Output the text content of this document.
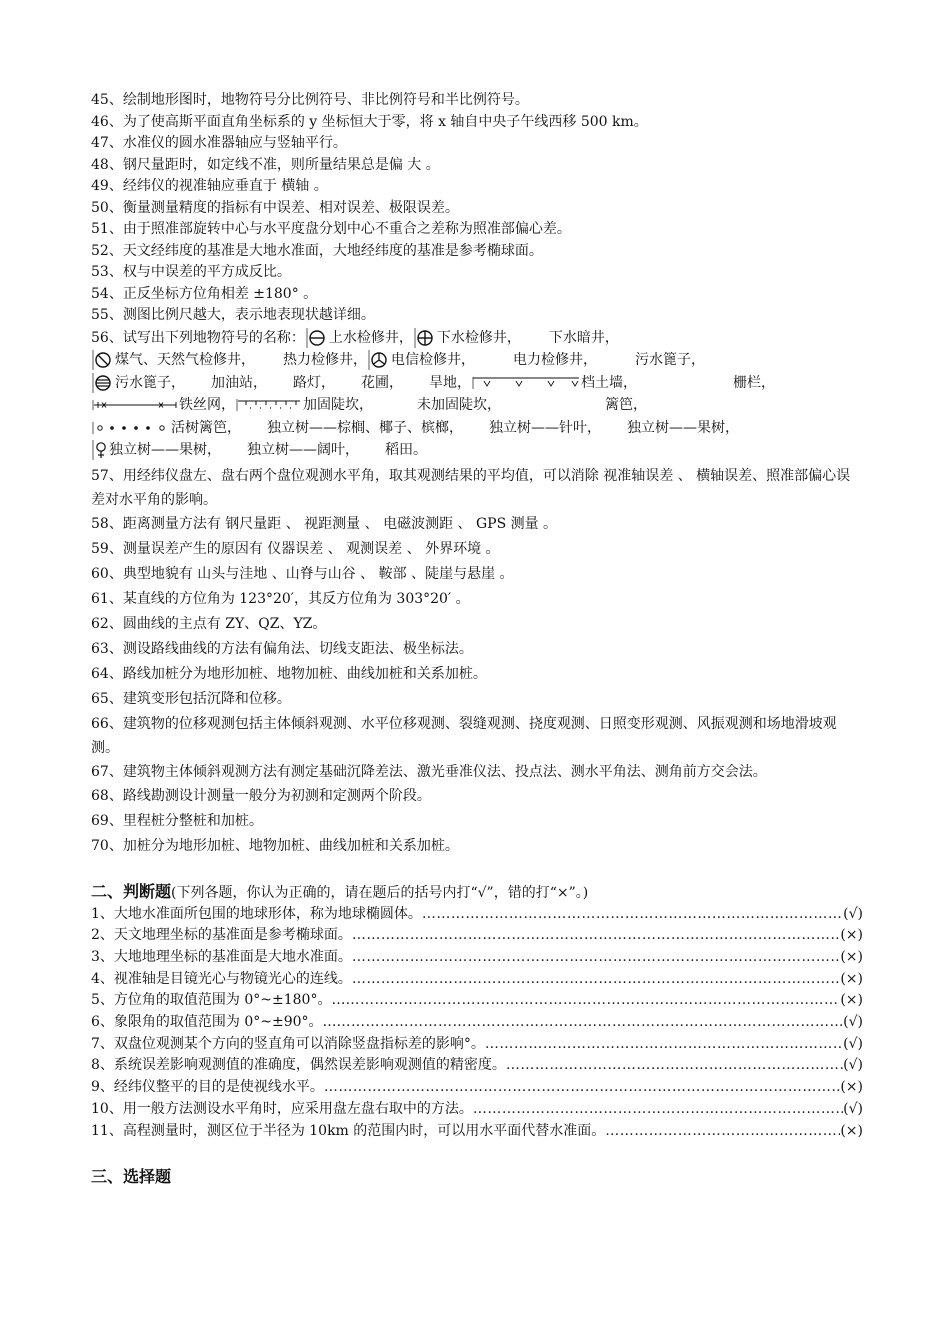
45、绘制地形图时，地物符号分比例符号、非比例符号和半比例符号。
46、为了使高斯平面直角坐标系的 y 坐标恒大于零，将 x 轴自中央子午线西移 500 km。
47、水准仪的圆水准器轴应与竖轴平行。
48、钢尺量距时，如定线不准，则所量结果总是偏 大 。
49、经纬仪的视准轴应垂直于 横轴 。
50、衡量测量精度的指标有中误差、相对误差、极限误差。
51、由于照准部旋转中心与水平度盘分划中心不重合之差称为照准部偏心差。
52、天文经纬度的基准是大地水准面，大地经纬度的基准是参考椭球面。
53、权与中误差的平方成反比。
54、正反坐标方位角相差 ±180° 。
55、测图比例尺越大，表示地表现状越详细。
56、试写出下列地物符号的名称： 上水检修井， 下水检修井， 下水暗井，
煤气、天然气检修井， 热力检修井， 电信检修井，	电力检修井，	污水篦子，
污水篦子， 加油站， 路灯， 花圃， 旱地，	档土墙，	栅栏，
铁丝网，	加固陡坎，	未加固陡坎，	篱笆，
活树篱笆， 独立树——棕榈、椰子、槟榔， 独立树——针叶， 独立树——果树，
独立树——果树， 独立树——阔叶， 稻田。
57、用经纬仪盘左、盘右两个盘位观测水平角，取其观测结果的平均值，可以消除 视准轴误差 、 横轴误差、照准部偏心误差对水平角的影响。
58、距离测量方法有 钢尺量距 、 视距测量 、 电磁波测距 、 GPS 测量 。
59、测量误差产生的原因有 仪器误差 、 观测误差 、 外界环境 。
60、典型地貌有 山头与洼地 、山脊与山谷 、 鞍部 、陡崖与悬崖 。
61、某直线的方位角为 123°20′，其反方位角为 303°20′ 。
62、圆曲线的主点有 ZY、QZ、YZ。
63、测设路线曲线的方法有偏角法、切线支距法、极坐标法。
64、路线加桩分为地形加桩、地物加桩、曲线加桩和关系加桩。
65、建筑变形包括沉降和位移。
66、建筑物的位移观测包括主体倾斜观测、水平位移观测、裂缝观测、挠度观测、日照变形观测、风振观测和场地滑坡观测。
67、建筑物主体倾斜观测方法有测定基础沉降差法、激光垂准仪法、投点法、测水平角法、测角前方交会法。
68、路线勘测设计测量一般分为初测和定测两个阶段。
69、里程桩分整桩和加桩。
70、加桩分为地形加桩、地物加桩、曲线加桩和关系加桩。
二、判断题(下列各题，你认为正确的，请在题后的括号内打“√”，错的打“×”。)
1、大地水准面所包围的地球形体，称为地球椭圆体。 ………………………………………………………………………………………………………………………………………	(√)
2、天文地理坐标的基准面是参考椭球面。 ………………………………………………………………………………………………………………………………………	(×)
3、大地地理坐标的基准面是大地水准面。 ………………………………………………………………………………………………………………………………………	(×)
4、视准轴是目镜光心与物镜光心的连线。 ………………………………………………………………………………………………………………………………………	(×)
5、方位角的取值范围为 0°~±180°。… ………………………………………………………………………………………………………………………………………	(×)
6、象限角的取值范围为 0°~±90°。… ………………………………………………………………………………………………………………………………………	(√)
7、双盘位观测某个方向的竖直角可以消除竖盘指标差的影响°。 ………………………………………………………………………………………………………………………………………	(√)
8、系统误差影响观测值的准确度，偶然误差影响观测值的精密度。 ………………………………………………………………………………………………………………………………………	(√)
9、经纬仪整平的目的是使视线水平。 ………………………………………………………………………………………………………………………………………	(×)
10、用一般方法测设水平角时，应采用盘左盘右取中的方法。 ………………………………………………………………………………………………………………………………………	(√)
11、高程测量时，测区位于半径为 10km 的范围内时，可以用水平面代替水准面。 ………………………………………………………………………………………………………………………………………	(×)
三、选择题
